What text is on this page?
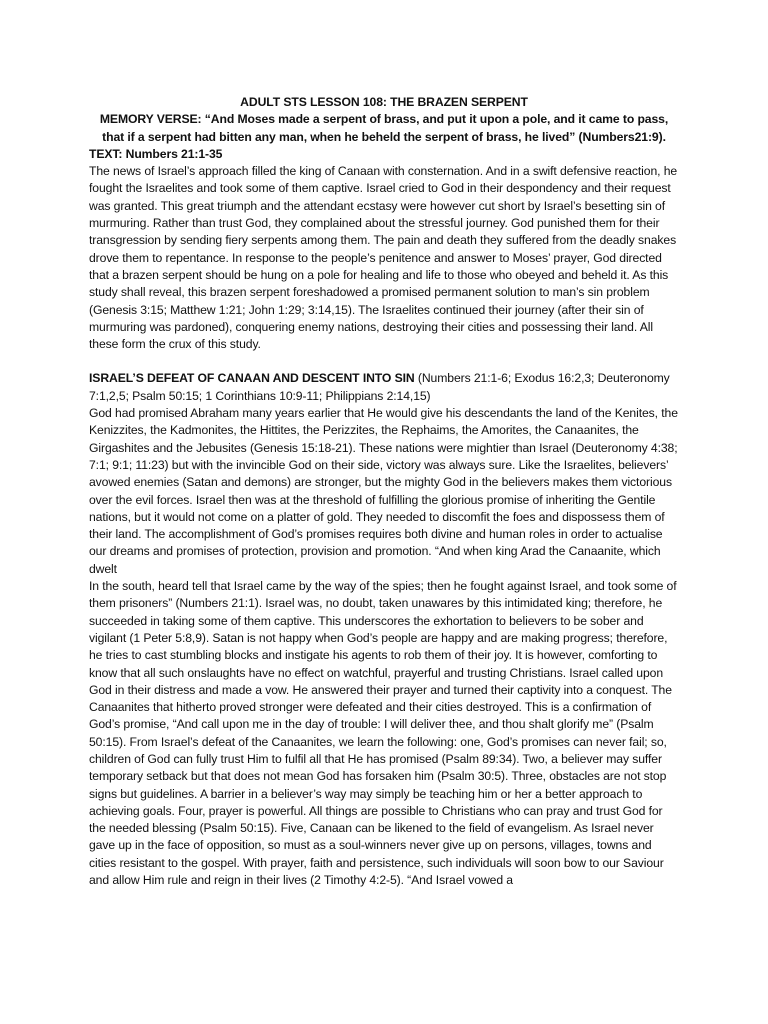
ADULT STS LESSON 108: THE BRAZEN SERPENT

MEMORY VERSE: “And Moses made a serpent of brass, and put it upon a pole, and it came to pass, that if a serpent had bitten any man, when he beheld the serpent of brass, he lived” (Numbers21:9).

TEXT: Numbers 21:1-35

The news of Israel’s approach filled the king of Canaan with consternation. And in a swift defensive reaction, he fought the Israelites and took some of them captive. Israel cried to God in their despondency and their request was granted. This great triumph and the attendant ecstasy were however cut short by Israel’s besetting sin of murmuring. Rather than trust God, they complained about the stressful journey. God punished them for their transgression by sending fiery serpents among them. The pain and death they suffered from the deadly snakes drove them to repentance. In response to the people’s penitence and answer to Moses’ prayer, God directed that a brazen serpent should be hung on a pole for healing and life to those who obeyed and beheld it. As this study shall reveal, this brazen serpent foreshadowed a promised permanent solution to man’s sin problem (Genesis 3:15; Matthew 1:21; John 1:29; 3:14,15). The Israelites continued their journey (after their sin of murmuring was pardoned), conquering enemy nations, destroying their cities and possessing their land. All these form the crux of this study.

ISRAEL’S DEFEAT OF CANAAN AND DESCENT INTO SIN (Numbers 21:1-6; Exodus 16:2,3; Deuteronomy 7:1,2,5; Psalm 50:15; 1 Corinthians 10:9-11; Philippians 2:14,15)

God had promised Abraham many years earlier that He would give his descendants the land of the Kenites, the Kenizzites, the Kadmonites, the Hittites, the Perizzites, the Rephaims, the Amorites, the Canaanites, the Girgashites and the Jebusites (Genesis 15:18-21). These nations were mightier than Israel (Deuteronomy 4:38; 7:1; 9:1; 11:23) but with the invincible God on their side, victory was always sure. Like the Israelites, believers’ avowed enemies (Satan and demons) are stronger, but the mighty God in the believers makes them victorious over the evil forces. Israel then was at the threshold of fulfilling the glorious promise of inheriting the Gentile nations, but it would not come on a platter of gold. They needed to discomfit the foes and dispossess them of their land. The accomplishment of God’s promises requires both divine and human roles in order to actualise our dreams and promises of protection, provision and promotion. “And when king Arad the Canaanite, which dwelt

In the south, heard tell that Israel came by the way of the spies; then he fought against Israel, and took some of them prisoners” (Numbers 21:1). Israel was, no doubt, taken unawares by this intimidated king; therefore, he succeeded in taking some of them captive. This underscores the exhortation to believers to be sober and vigilant (1 Peter 5:8,9). Satan is not happy when God’s people are happy and are making progress; therefore, he tries to cast stumbling blocks and instigate his agents to rob them of their joy. It is however, comforting to know that all such onslaughts have no effect on watchful, prayerful and trusting Christians. Israel called upon God in their distress and made a vow. He answered their prayer and turned their captivity into a conquest. The Canaanites that hitherto proved stronger were defeated and their cities destroyed. This is a confirmation of God’s promise, “And call upon me in the day of trouble: I will deliver thee, and thou shalt glorify me” (Psalm 50:15). From Israel’s defeat of the Canaanites, we learn the following: one, God’s promises can never fail; so, children of God can fully trust Him to fulfil all that He has promised (Psalm 89:34). Two, a believer may suffer temporary setback but that does not mean God has forsaken him (Psalm 30:5). Three, obstacles are not stop signs but guidelines. A barrier in a believer’s way may simply be teaching him or her a better approach to achieving goals. Four, prayer is powerful. All things are possible to Christians who can pray and trust God for the needed blessing (Psalm 50:15). Five, Canaan can be likened to the field of evangelism. As Israel never gave up in the face of opposition, so must as a soul-winners never give up on persons, villages, towns and cities resistant to the gospel. With prayer, faith and persistence, such individuals will soon bow to our Saviour and allow Him rule and reign in their lives (2 Timothy 4:2-5). “And Israel vowed a
